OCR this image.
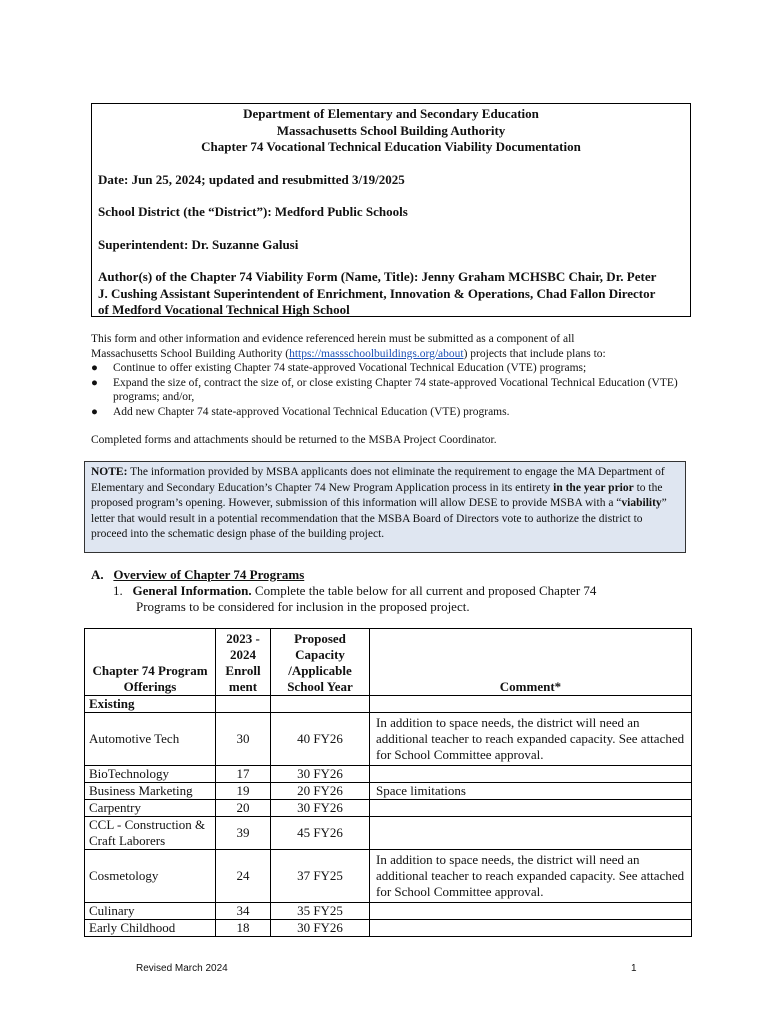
Department of Elementary and Secondary Education

Massachusetts School Building Authority

Chapter 74 Vocational Technical Education Viability Documentation

Date: Jun 25, 2024; updated and resubmitted 3/19/2025

School District (the “District”): Medford Public Schools

Superintendent: Dr. Suzanne Galusi

Author(s) of the Chapter 74 Viability Form (Name, Title): Jenny Graham MCHSBC Chair, Dr. Peter

J. Cushing Assistant Superintendent of Enrichment, Innovation & Operations, Chad Fallon Director

of Medford Vocational Technical High School

This form and other information and evidence referenced herein must be submitted as a component of all

Massachusetts School Building Authority (https://massschoolbuildings.org/about) projects that include plans to:

● Continue to offer existing Chapter 74 state-approved Vocational Technical Education (VTE) programs;
● Expand the size of, contract the size of, or close existing Chapter 74 state-approved Vocational Technical Education (VTE) programs; and/or,
● Add new Chapter 74 state-approved Vocational Technical Education (VTE) programs.
Completed forms and attachments should be returned to the MSBA Project Coordinator.
NOTE: The information provided by MSBA applicants does not eliminate the requirement to engage the MA Department of Elementary and Secondary Education’s Chapter 74 New Program Application process in its entirety in the year prior to the proposed program’s opening. However, submission of this information will allow DESE to provide MSBA with a “viability” letter that would result in a potential recommendation that the MSBA Board of Directors vote to authorize the district to proceed into the schematic design phase of the building project.
A. Overview of Chapter 74 Programs
1. General Information. Complete the table below for all current and proposed Chapter 74
Programs to be considered for inclusion in the proposed project.
Chapter 74 Program Offerings	2023 - 2024 Enroll ment	Proposed Capacity /Applicable School Year	Comment*
Existing			
Automotive Tech	30	40 FY26	In addition to space needs, the district will need an additional teacher to reach expanded capacity. See attached for School Committee approval.
BioTechnology	17	30 FY26	
Business Marketing	19	20 FY26	Space limitations
Carpentry	20	30 FY26	
CCL - Construction & Craft Laborers	39	45 FY26	
Cosmetology	24	37 FY25	In addition to space needs, the district will need an additional teacher to reach expanded capacity. See attached for School Committee approval.
Culinary	34	35 FY25	
Early Childhood	18	30 FY26	
Revised March 2024	1
